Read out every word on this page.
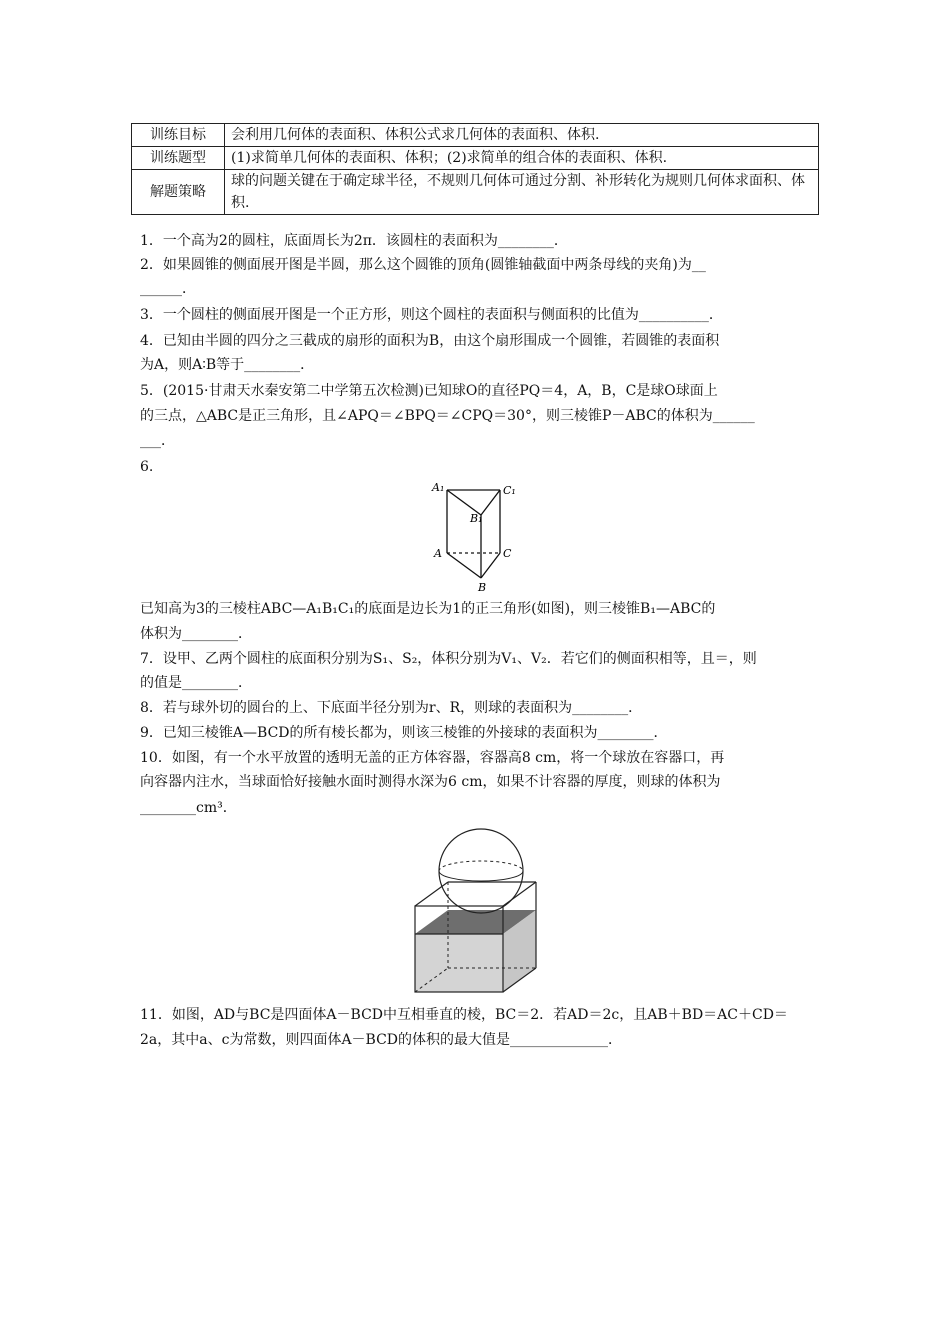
训练目标	会利用几何体的表面积、体积公式求几何体的表面积、体积.
训练题型	(1)求简单几何体的表面积、体积；(2)求简单的组合体的表面积、体积.
解题策略	球的问题关键在于确定球半径，不规则几何体可通过分割、补形转化为规则几何体求面积、体积.

1．一个高为2的圆柱，底面周长为2π．该圆柱的表面积为________．

2．如果圆锥的侧面展开图是半圆，那么这个圆锥的顶角(圆锥轴截面中两条母线的夹角)为__

______．

3．一个圆柱的侧面展开图是一个正方形，则这个圆柱的表面积与侧面积的比值为__________．

4．已知由半圆的四分之三截成的扇形的面积为B，由这个扇形围成一个圆锥，若圆锥的表面积

为A，则A∶B等于________．

5．(2015·甘肃天水秦安第二中学第五次检测)已知球O的直径PQ＝4，A，B，C是球O球面上

的三点，△ABC是正三角形，且∠APQ＝∠BPQ＝∠CPQ＝30°，则三棱锥P－ABC的体积为______

___．

6.

A₁	C₁
B₁
A	C
B

已知高为3的三棱柱ABC—A₁B₁C₁的底面是边长为1的正三角形(如图)，则三棱锥B₁—ABC的

体积为________．

7．设甲、乙两个圆柱的底面积分别为S₁、S₂，体积分别为V₁、V₂．若它们的侧面积相等，且＝，则

的值是________．

8．若与球外切的圆台的上、下底面半径分别为r、R，则球的表面积为________．

9．已知三棱锥A—BCD的所有棱长都为，则该三棱锥的外接球的表面积为________．

10．如图，有一个水平放置的透明无盖的正方体容器，容器高8 cm，将一个球放在容器口，再

向容器内注水，当球面恰好接触水面时测得水深为6 cm，如果不计容器的厚度，则球的体积为

________cm³．

11．如图，AD与BC是四面体A－BCD中互相垂直的棱，BC＝2．若AD＝2c，且AB＋BD＝AC＋CD＝

2a，其中a、c为常数，则四面体A－BCD的体积的最大值是______________．
